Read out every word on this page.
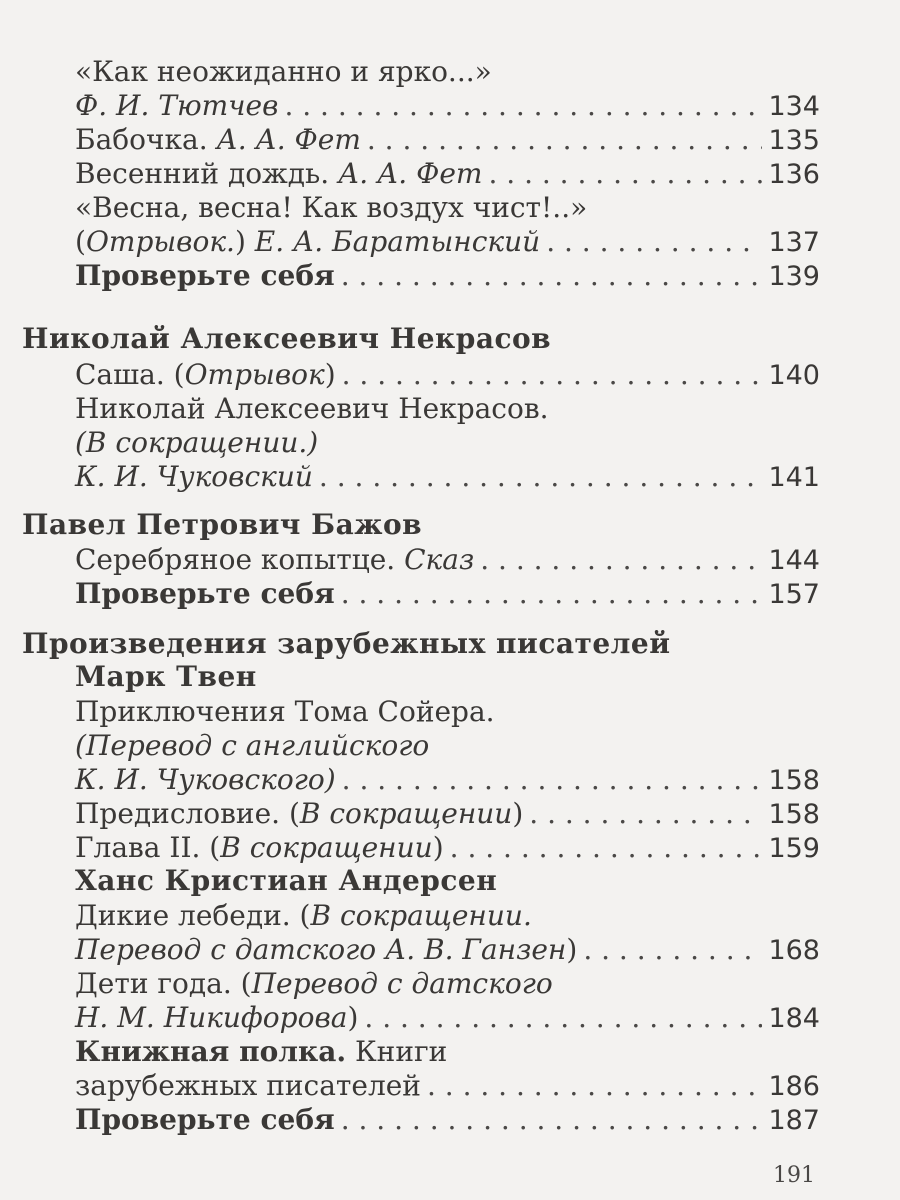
«Как неожиданно и ярко...»
Ф. И. Тютчев . . .	134
Бабочка. А. А. Фет . . .	135
Весенний дождь. А. А. Фет . . .	136
«Весна, весна! Как воздух чист!..»
(Отрывок.) Е. А. Баратынский . . .	137
Проверьте себя . . .	139
Николай Алексеевич Некрасов
Саша. (Отрывок) . . .	140
Николай Алексеевич Некрасов.
(В сокращении.)
К. И. Чуковский . . .	141
Павел Петрович Бажов
Серебряное копытце. Сказ . . .	144
Проверьте себя . . .	157
Произведения зарубежных писателей
Марк Твен
Приключения Тома Сойера.
(Перевод с английского
К. И. Чуковского) . . .	158
Предисловие. (В сокращении) . . .	158
Глава II. (В сокращении) . . .	159
Ханс Кристиан Андерсен
Дикие лебеди. (В сокращении.
Перевод с датского А. В. Ганзен) . . .	168
Дети года. (Перевод с датского
Н. М. Никифорова) . . .	184
Книжная полка. Книги
зарубежных писателей . . .	186
Проверьте себя . . .	187
191
